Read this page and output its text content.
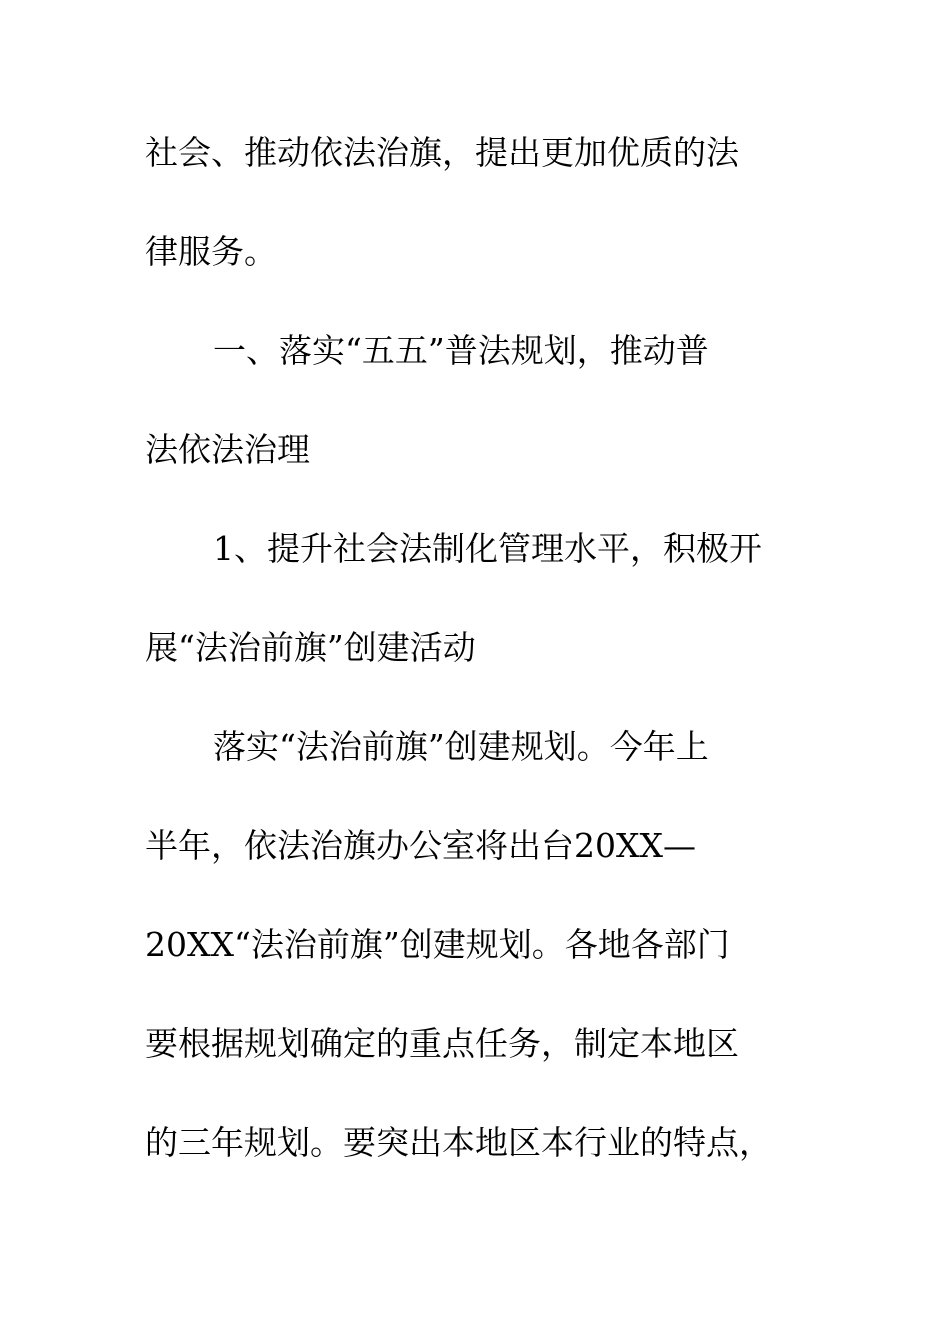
社会、推动依法治旗，提出更加优质的法
律服务。
一、落实“五五”普法规划，推动普
法依法治理
1、提升社会法制化管理水平，积极开
展“法治前旗”创建活动
落实“法治前旗”创建规划。今年上
半年，依法治旗办公室将出台20XX—
20XX“法治前旗”创建规划。各地各部门
要根据规划确定的重点任务，制定本地区
的三年规划。要突出本地区本行业的特点，
